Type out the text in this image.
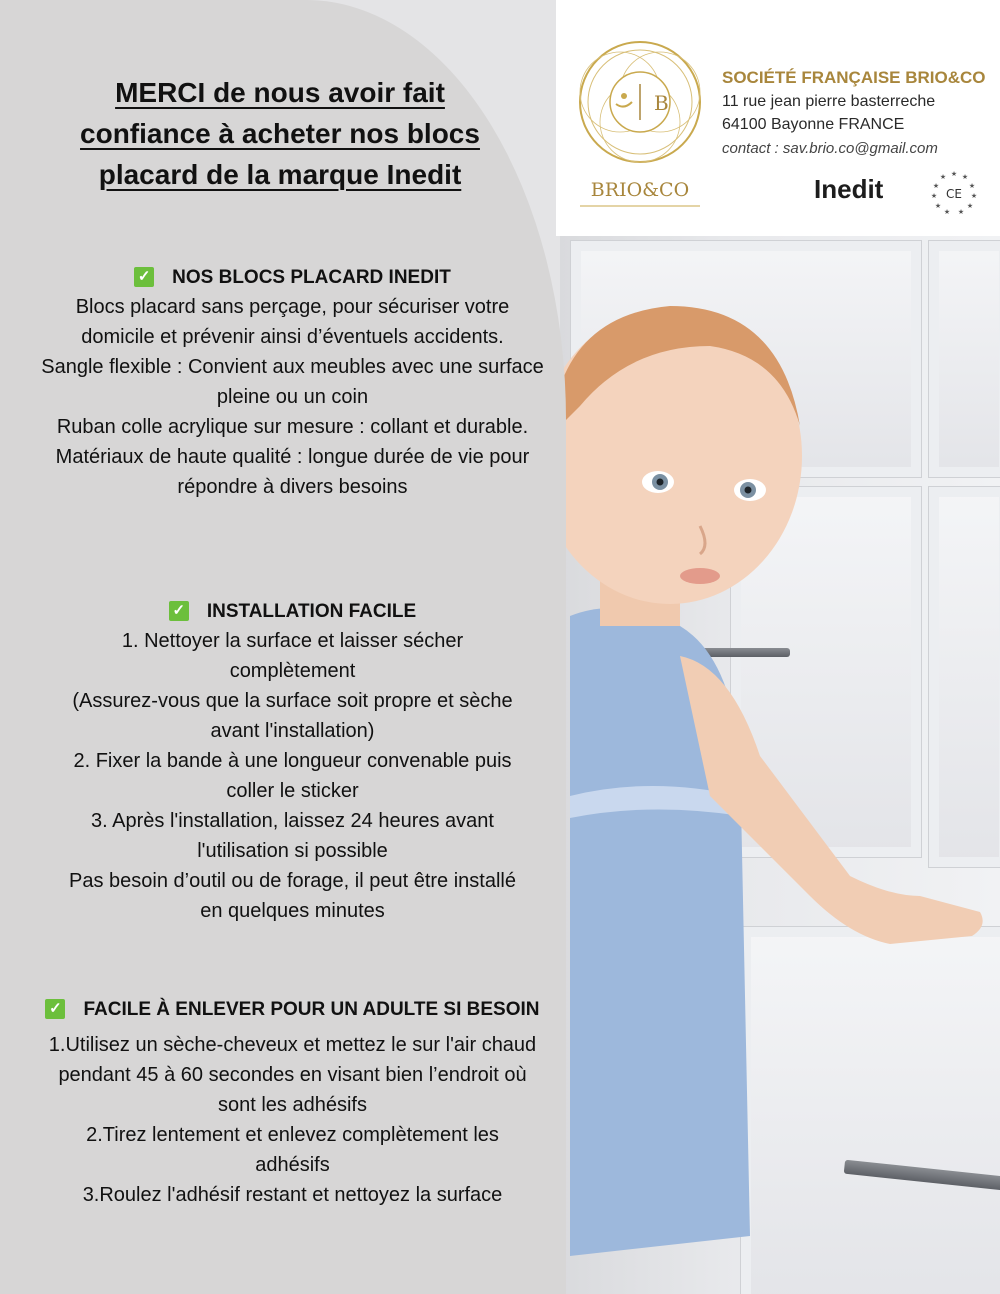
B
BRIO&CO
SOCIÉTÉ FRANÇAISE BRIO&CO
11 rue jean pierre basterreche
64100 Bayonne FRANCE
contact : sav.brio.co@gmail.com
Inedit	★ ★
★
★
★
★
★
★
★
★
★
CE
MERCI de nous avoir fait
confiance à acheter nos blocs
placard de la marque Inedit
✓ NOS BLOCS PLACARD INEDIT

Blocs placard sans perçage, pour sécuriser votre domicile et prévenir ainsi d’éventuels accidents.

Sangle flexible : Convient aux meubles avec une surface pleine ou un coin

Ruban colle acrylique sur mesure : collant et durable.

Matériaux de haute qualité : longue durée de vie pour répondre à divers besoins

✓ INSTALLATION FACILE

1. Nettoyer la surface et laisser sécher complètement

(Assurez-vous que la surface soit propre et sèche avant l'installation)

2. Fixer la bande à une longueur convenable puis coller le sticker

3. Après l'installation, laissez 24 heures avant l'utilisation si possible

Pas besoin d’outil ou de forage, il peut être installé en quelques minutes

✓ FACILE À ENLEVER POUR UN ADULTE SI BESOIN

1.Utilisez un sèche-cheveux et mettez le sur l'air chaud pendant 45 à 60 secondes en visant bien l’endroit où sont les adhésifs

2.Tirez lentement et enlevez complètement les adhésifs

3.Roulez l'adhésif restant et nettoyez la surface
